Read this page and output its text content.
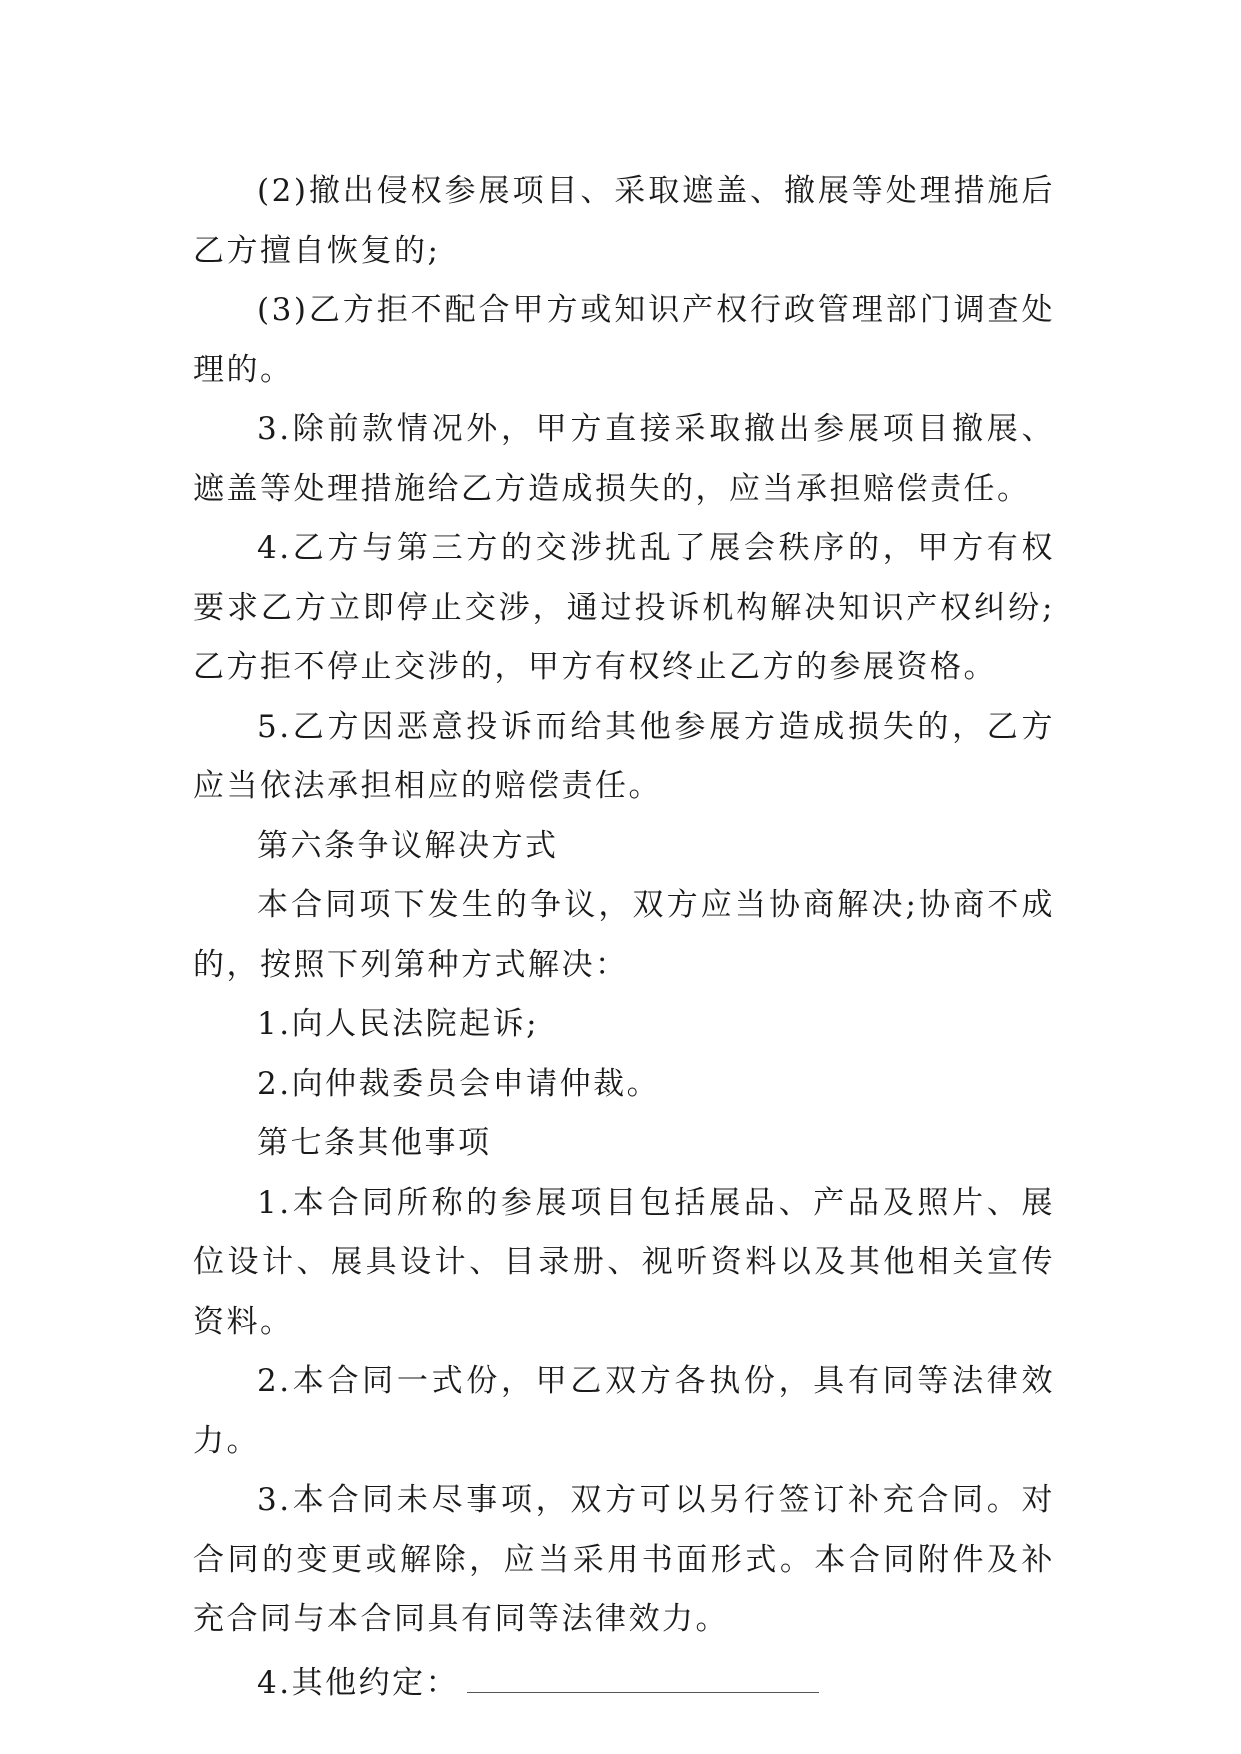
(2)撤出侵权参展项目、采取遮盖、撤展等处理措施后乙方擅自恢复的;

(3)乙方拒不配合甲方或知识产权行政管理部门调查处理的。

3.除前款情况外，甲方直接采取撤出参展项目撤展、遮盖等处理措施给乙方造成损失的，应当承担赔偿责任。

4.乙方与第三方的交涉扰乱了展会秩序的，甲方有权要求乙方立即停止交涉，通过投诉机构解决知识产权纠纷;乙方拒不停止交涉的，甲方有权终止乙方的参展资格。

5.乙方因恶意投诉而给其他参展方造成损失的，乙方应当依法承担相应的赔偿责任。

第六条争议解决方式

本合同项下发生的争议，双方应当协商解决;协商不成的，按照下列第种方式解决：

1.向人民法院起诉;

2.向仲裁委员会申请仲裁。

第七条其他事项

1.本合同所称的参展项目包括展品、产品及照片、展位设计、展具设计、目录册、视听资料以及其他相关宣传资料。

2.本合同一式份，甲乙双方各执份，具有同等法律效力。

3.本合同未尽事项，双方可以另行签订补充合同。对合同的变更或解除，应当采用书面形式。本合同附件及补充合同与本合同具有同等法律效力。

4.其他约定：
